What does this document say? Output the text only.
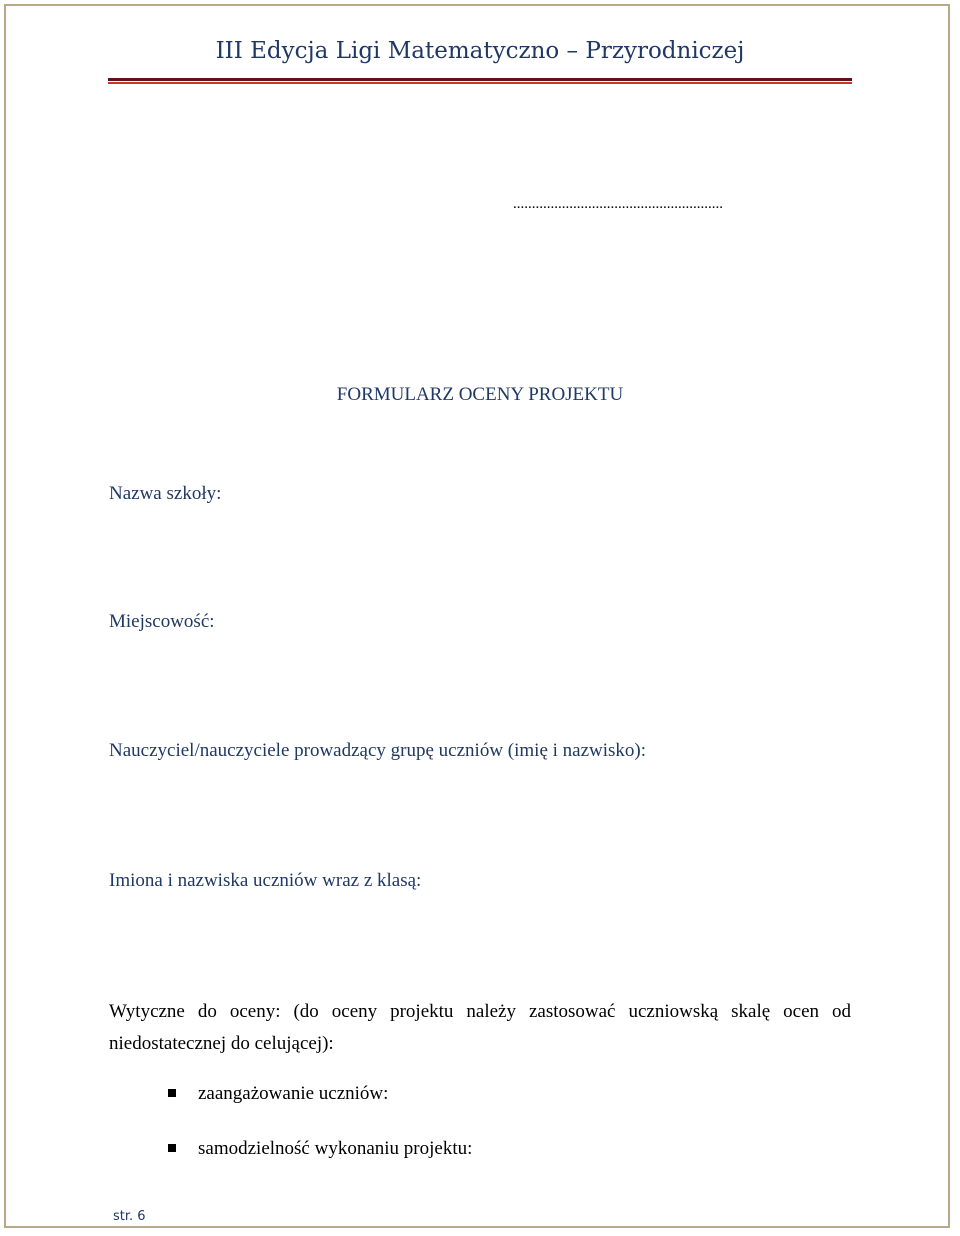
III Edycja Ligi Matematyczno – Przyrodniczej
........................................................
FORMULARZ OCENY PROJEKTU
Nazwa szkoły:
Miejscowość:
Nauczyciel/nauczyciele prowadzący grupę uczniów (imię i nazwisko):
Imiona i nazwiska uczniów wraz z klasą:
Wytyczne do oceny: (do oceny projektu należy zastosować uczniowską skalę ocen od niedostatecznej do celującej):
zaangażowanie uczniów:
samodzielność wykonaniu projektu:
str. 6
